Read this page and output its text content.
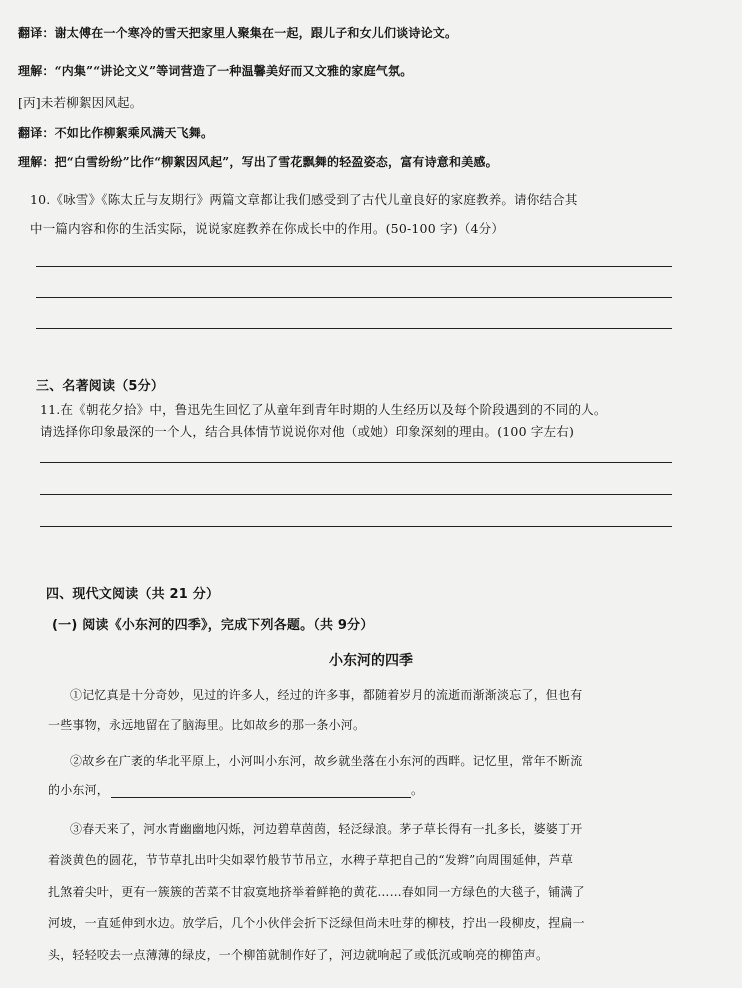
翻译：谢太傅在一个寒冷的雪天把家里人聚集在一起，跟儿子和女儿们谈诗论文。
理解：“内集”“讲论文义”等词营造了一种温馨美好而又文雅的家庭气氛。
[丙]未若柳絮因风起。
翻译：不如比作柳絮乘风满天飞舞。
理解：把“白雪纷纷”比作“柳絮因风起”，写出了雪花飘舞的轻盈姿态，富有诗意和美感。
10.《咏雪》《陈太丘与友期行》两篇文章都让我们感受到了古代儿童良好的家庭教养。请你结合其
中一篇内容和你的生活实际，说说家庭教养在你成长中的作用。(50-100 字)（4分）
三、名著阅读（5分）
11.在《朝花夕拾》中，鲁迅先生回忆了从童年到青年时期的人生经历以及每个阶段遇到的不同的人。
请选择你印象最深的一个人，结合具体情节说说你对他（或她）印象深刻的理由。(100 字左右)
四、现代文阅读（共 21 分）
(一) 阅读《小东河的四季》，完成下列各题。（共 9分）
小东河的四季
①记忆真是十分奇妙，见过的许多人，经过的许多事，都随着岁月的流逝而渐渐淡忘了，但也有
一些事物，永远地留在了脑海里。比如故乡的那一条小河。
②故乡在广袤的华北平原上，小河叫小东河，故乡就坐落在小东河的西畔。记忆里，常年不断流
的小东河，	。
③春天来了，河水青幽幽地闪烁，河边碧草茵茵，轻泛绿浪。茅子草长得有一扎多长，婆婆丁开
着淡黄色的圆花，节节草扎出叶尖如翠竹般节节吊立，水稗子草把自己的“发辫”向周围延伸，芦草
扎煞着尖叶，更有一簇簇的苦菜不甘寂寞地挤举着鲜艳的黄花……春如同一方绿色的大毯子，铺满了
河坡，一直延伸到水边。放学后，几个小伙伴会折下泛绿但尚未吐芽的柳枝，拧出一段柳皮，捏扁一
头，轻轻咬去一点薄薄的绿皮，一个柳笛就制作好了，河边就响起了或低沉或响亮的柳笛声。
